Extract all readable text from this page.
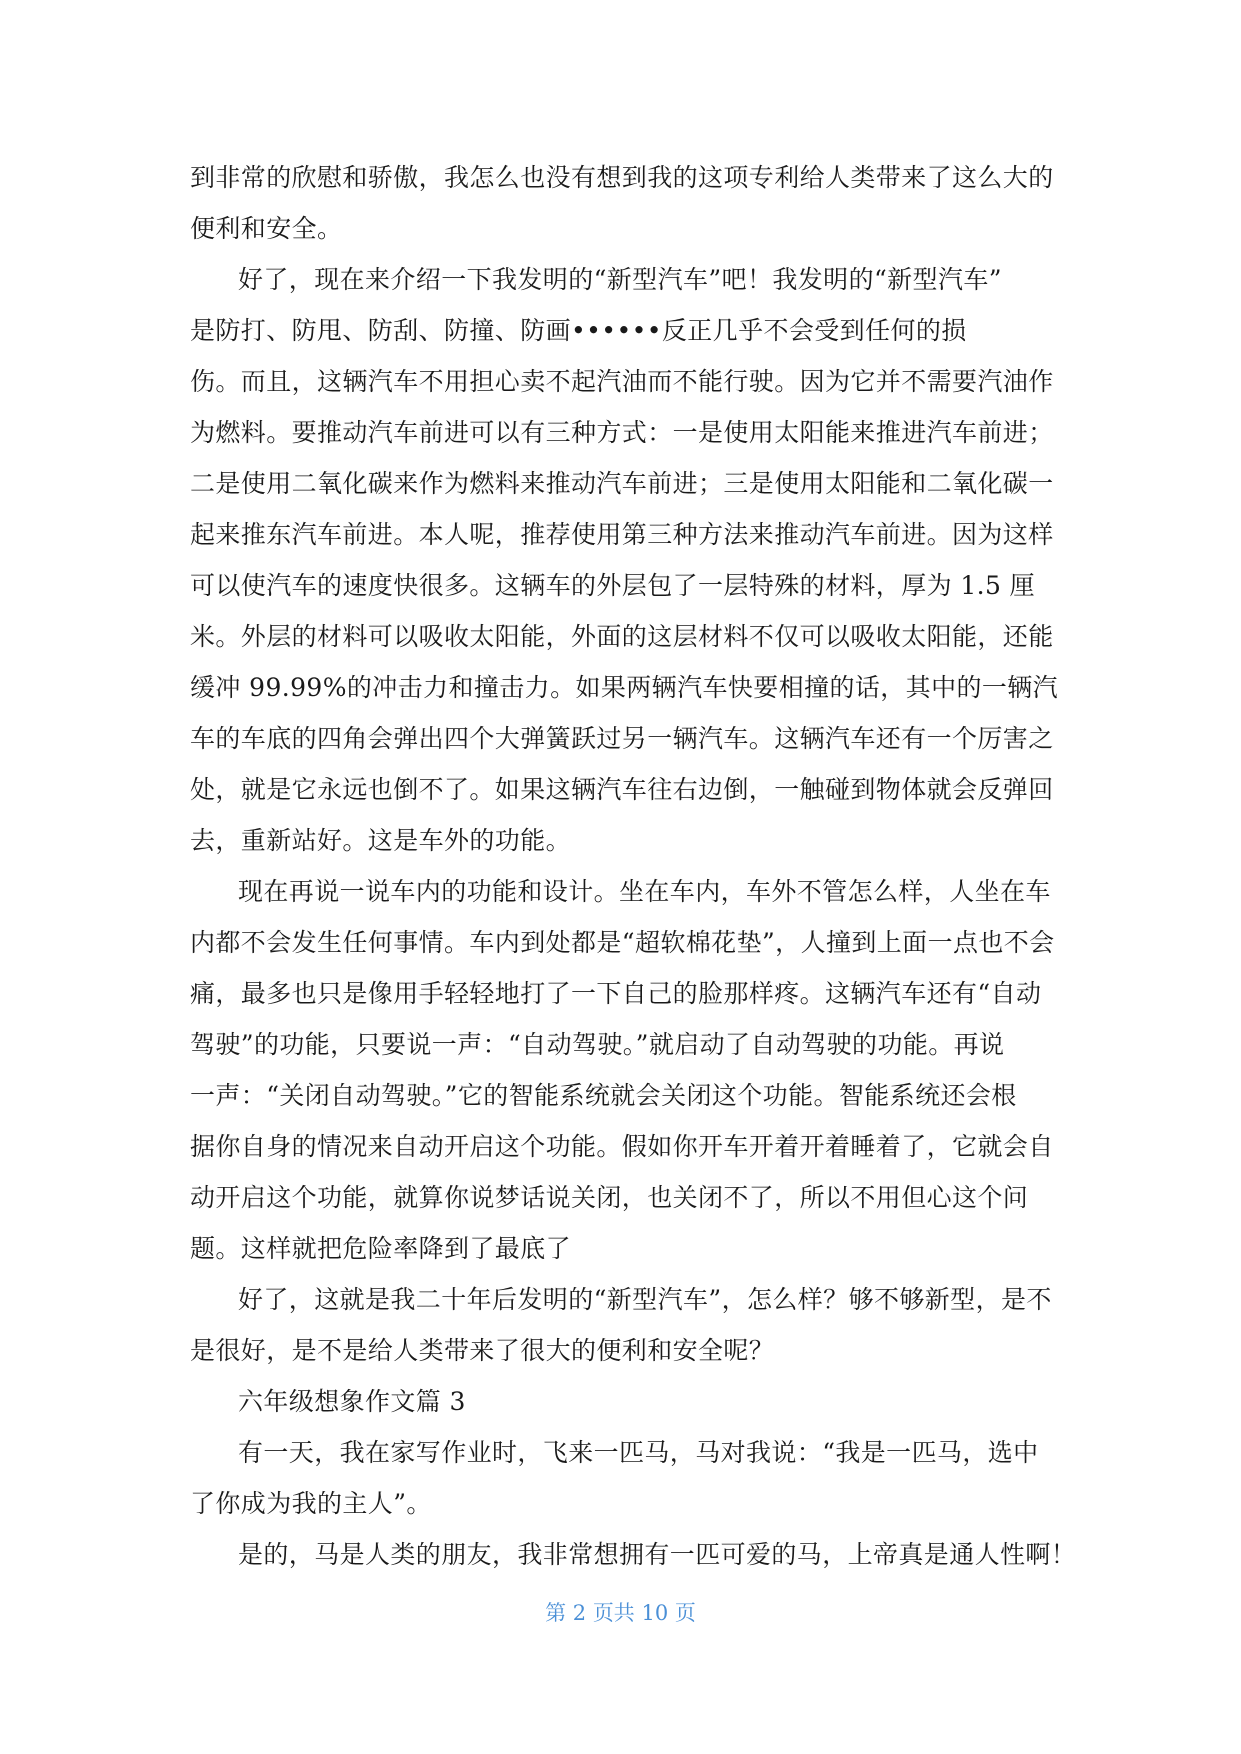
到非常的欣慰和骄傲，我怎么也没有想到我的这项专利给人类带来了这么大的
便利和安全。
好了，现在来介绍一下我发明的“新型汽车”吧！我发明的“新型汽车”
是防打、防甩、防刮、防撞、防画••••••反正几乎不会受到任何的损
伤。而且，这辆汽车不用担心卖不起汽油而不能行驶。因为它并不需要汽油作
为燃料。要推动汽车前进可以有三种方式：一是使用太阳能来推进汽车前进；
二是使用二氧化碳来作为燃料来推动汽车前进；三是使用太阳能和二氧化碳一
起来推东汽车前进。本人呢，推荐使用第三种方法来推动汽车前进。因为这样
可以使汽车的速度快很多。这辆车的外层包了一层特殊的材料，厚为 1.5 厘
米。外层的材料可以吸收太阳能，外面的这层材料不仅可以吸收太阳能，还能
缓冲 99.99%的冲击力和撞击力。如果两辆汽车快要相撞的话，其中的一辆汽
车的车底的四角会弹出四个大弹簧跃过另一辆汽车。这辆汽车还有一个厉害之
处，就是它永远也倒不了。如果这辆汽车往右边倒，一触碰到物体就会反弹回
去，重新站好。这是车外的功能。
现在再说一说车内的功能和设计。坐在车内，车外不管怎么样，人坐在车
内都不会发生任何事情。车内到处都是“超软棉花垫”，人撞到上面一点也不会
痛，最多也只是像用手轻轻地打了一下自己的脸那样疼。这辆汽车还有“自动
驾驶”的功能，只要说一声：“自动驾驶。”就启动了自动驾驶的功能。再说
一声：“关闭自动驾驶。”它的智能系统就会关闭这个功能。智能系统还会根
据你自身的情况来自动开启这个功能。假如你开车开着开着睡着了，它就会自
动开启这个功能，就算你说梦话说关闭，也关闭不了，所以不用但心这个问
题。这样就把危险率降到了最底了
好了，这就是我二十年后发明的“新型汽车”，怎么样？够不够新型，是不
是很好，是不是给人类带来了很大的便利和安全呢？
六年级想象作文篇 3
有一天，我在家写作业时，飞来一匹马，马对我说：“我是一匹马，选中
了你成为我的主人”。
是的，马是人类的朋友，我非常想拥有一匹可爱的马，上帝真是通人性啊！
第 2 页共 10 页
